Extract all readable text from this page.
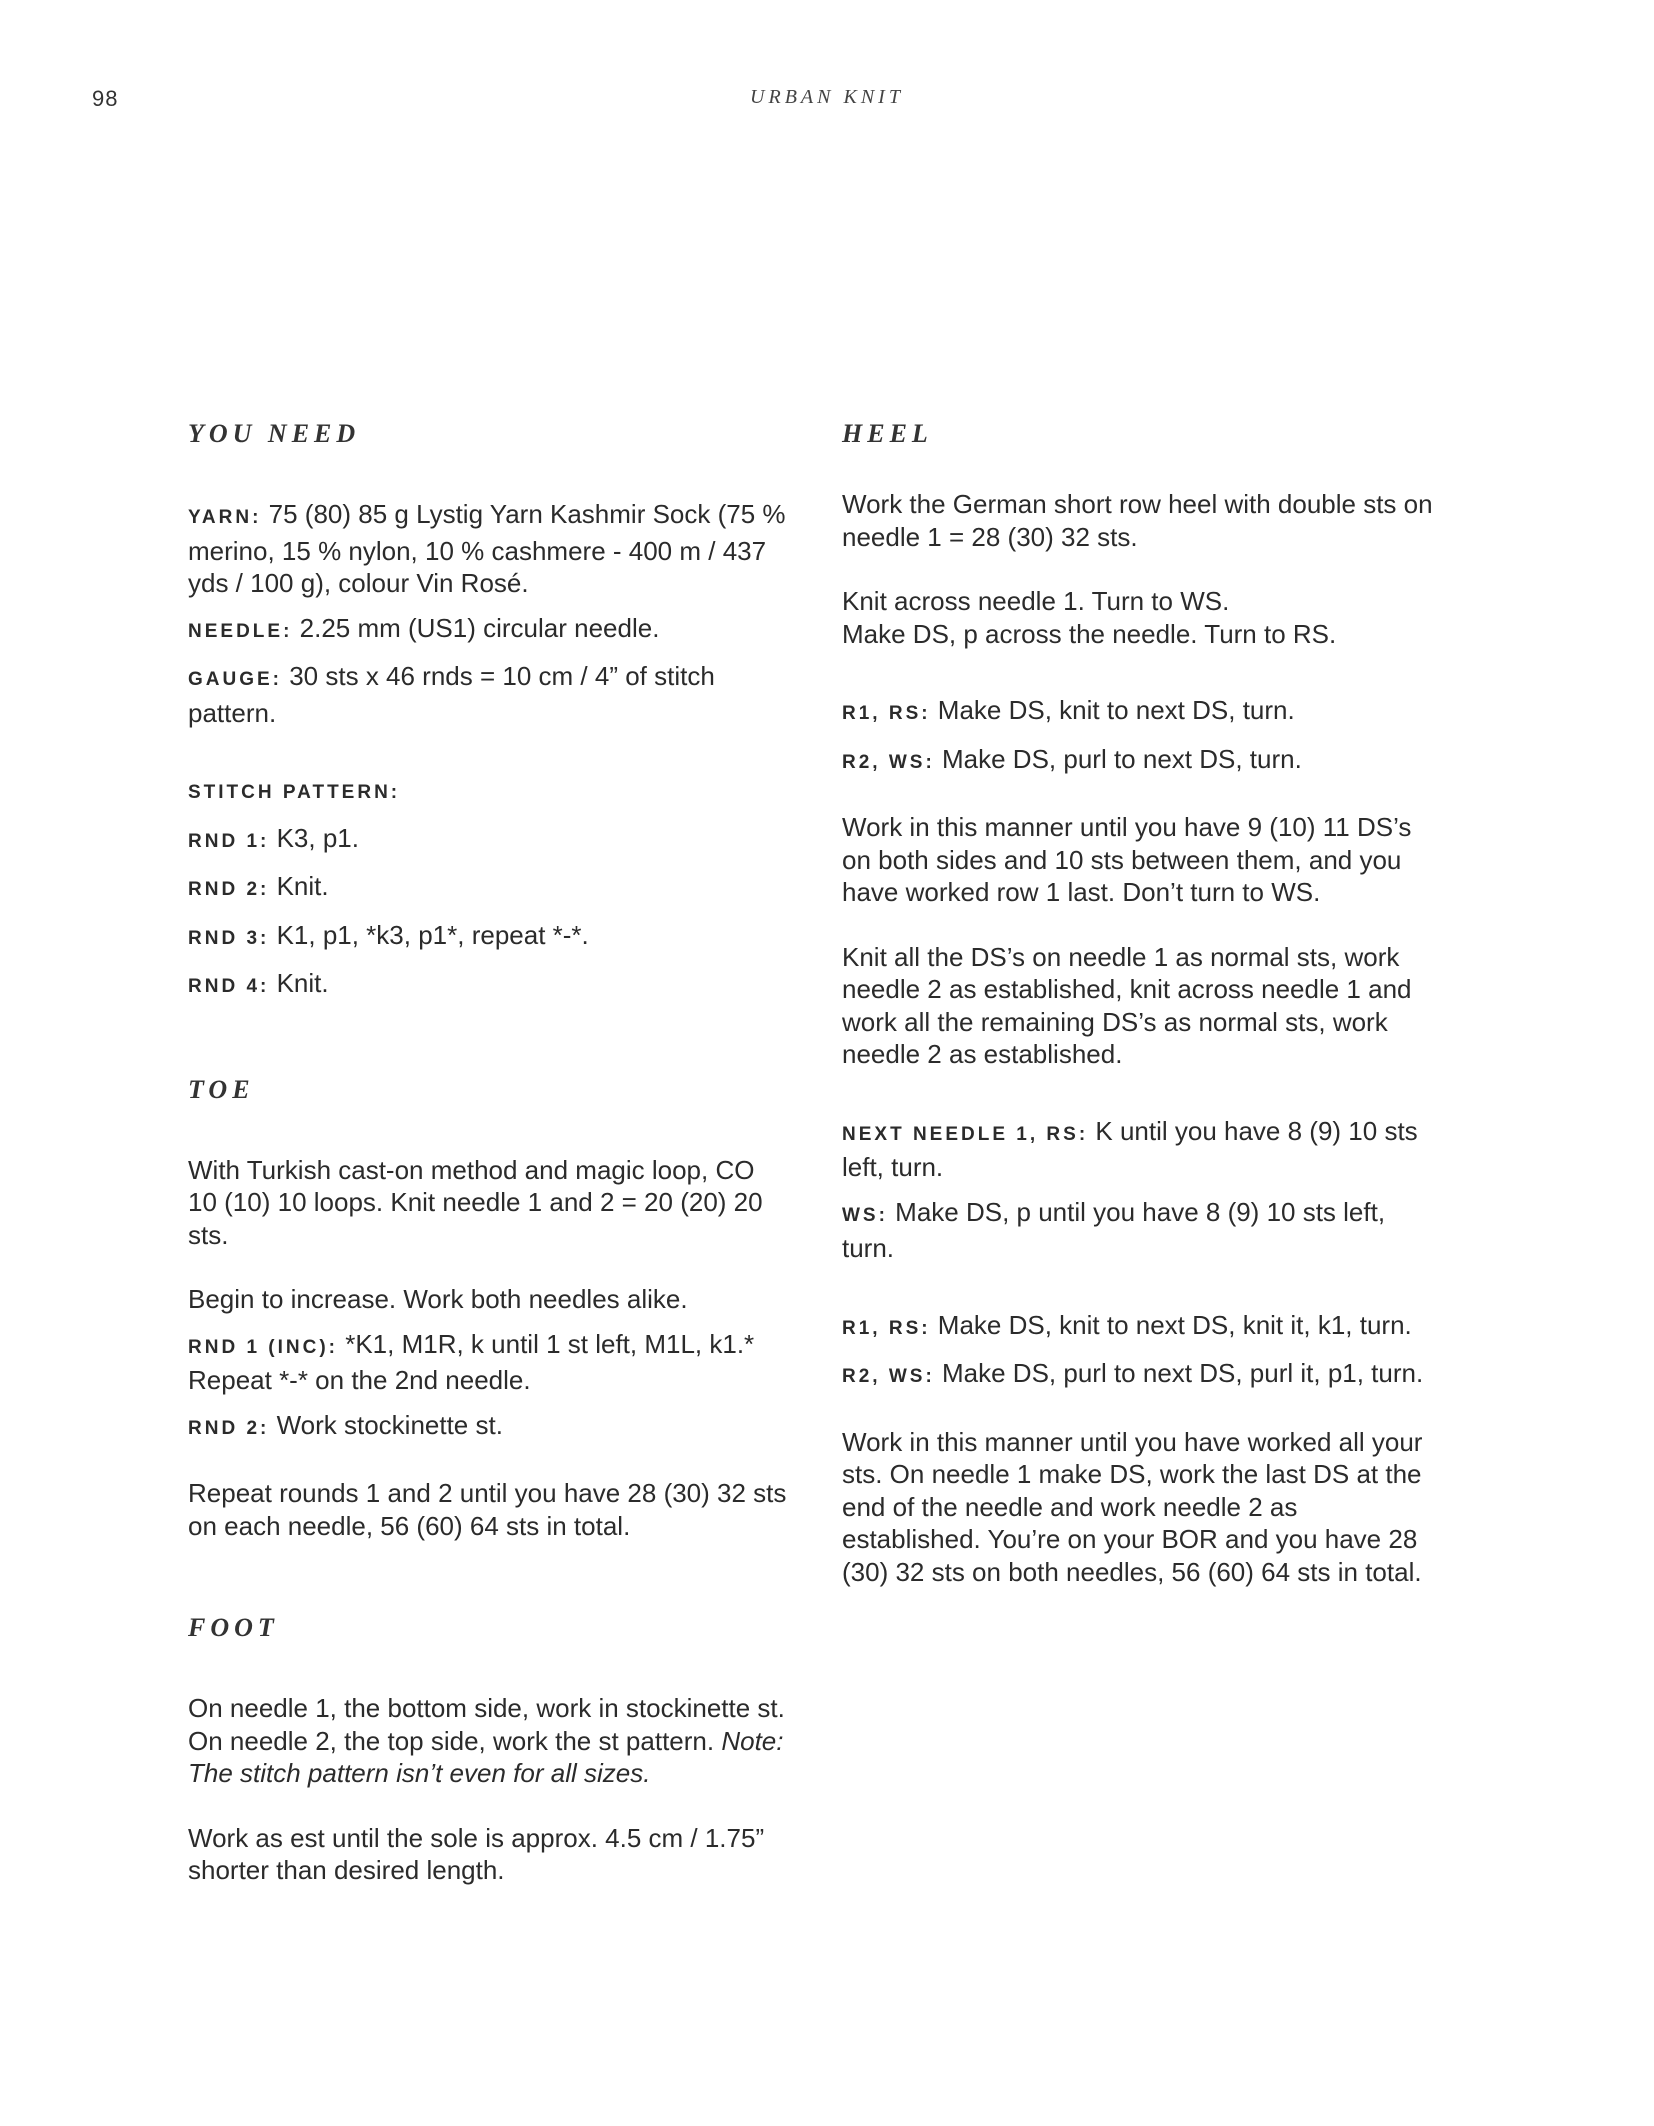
98	URBAN KNIT
YOU NEED

YARN: 75 (80) 85 g Lystig Yarn Kashmir Sock (75 % merino, 15 % nylon, 10 % cashmere - 400 m / 437 yds / 100 g), colour Vin Rosé.

NEEDLE: 2.25 mm (US1) circular needle.

GAUGE: 30 sts x 46 rnds = 10 cm / 4” of stitch pattern.

STITCH PATTERN:

RND 1: K3, p1.

RND 2: Knit.

RND 3: K1, p1, *k3, p1*, repeat *-*.

RND 4: Knit.

TOE

With Turkish cast-on method and magic loop, CO 10 (10) 10 loops. Knit needle 1 and 2 = 20 (20) 20 sts.

Begin to increase. Work both needles alike.

RND 1 (INC): *K1, M1R, k until 1 st left, M1L, k1.* Repeat *-* on the 2nd needle.

RND 2: Work stockinette st.

Repeat rounds 1 and 2 until you have 28 (30) 32 sts on each needle, 56 (60) 64 sts in total.

FOOT

On needle 1, the bottom side, work in stockinette st. On needle 2, the top side, work the st pattern. Note: The stitch pattern isn’t even for all sizes.

Work as est until the sole is approx. 4.5 cm / 1.75” shorter than desired length.

HEEL

Work the German short row heel with double sts on needle 1 = 28 (30) 32 sts.

Knit across needle 1. Turn to WS.

Make DS, p across the needle. Turn to RS.

R1, RS: Make DS, knit to next DS, turn.

R2, WS: Make DS, purl to next DS, turn.

Work in this manner until you have 9 (10) 11 DS’s on both sides and 10 sts between them, and you have worked row 1 last. Don’t turn to WS.

Knit all the DS’s on needle 1 as normal sts, work needle 2 as established, knit across needle 1 and work all the remaining DS’s as normal sts, work needle 2 as established.

NEXT NEEDLE 1, RS: K until you have 8 (9) 10 sts left, turn.

WS: Make DS, p until you have 8 (9) 10 sts left, turn.

R1, RS: Make DS, knit to next DS, knit it, k1, turn.

R2, WS: Make DS, purl to next DS, purl it, p1, turn.

Work in this manner until you have worked all your sts. On needle 1 make DS, work the last DS at the end of the needle and work needle 2 as established. You’re on your BOR and you have 28 (30) 32 sts on both needles, 56 (60) 64 sts in total.
